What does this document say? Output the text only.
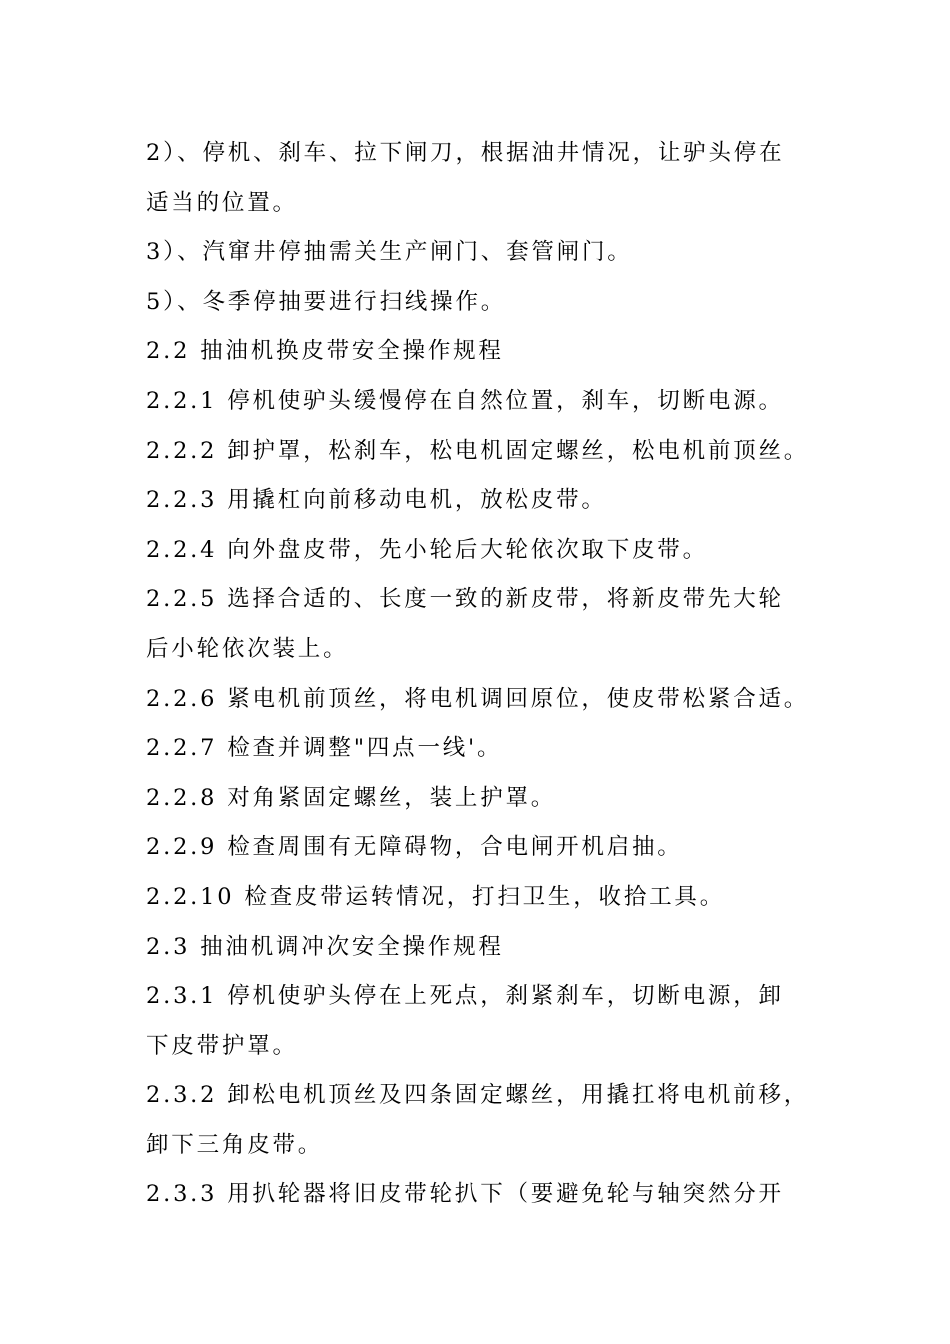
2）、停机、刹车、拉下闸刀，根据油井情况，让驴头停在
适当的位置。
3）、汽窜井停抽需关生产闸门、套管闸门。
5）、冬季停抽要进行扫线操作。
2.2 抽油机换皮带安全操作规程
2.2.1 停机使驴头缓慢停在自然位置，刹车，切断电源。
2.2.2 卸护罩，松刹车，松电机固定螺丝，松电机前顶丝。
2.2.3 用撬杠向前移动电机，放松皮带。
2.2.4 向外盘皮带，先小轮后大轮依次取下皮带。
2.2.5 选择合适的、长度一致的新皮带，将新皮带先大轮
后小轮依次装上。
2.2.6 紧电机前顶丝，将电机调回原位，使皮带松紧合适。
2.2.7 检查并调整"四点一线'。
2.2.8 对角紧固定螺丝，装上护罩。
2.2.9 检查周围有无障碍物，合电闸开机启抽。
2.2.10 检查皮带运转情况，打扫卫生，收拾工具。
2.3 抽油机调冲次安全操作规程
2.3.1 停机使驴头停在上死点，刹紧刹车，切断电源，卸
下皮带护罩。
2.3.2 卸松电机顶丝及四条固定螺丝，用撬扛将电机前移，
卸下三角皮带。
2.3.3 用扒轮器将旧皮带轮扒下（要避免轮与轴突然分开
